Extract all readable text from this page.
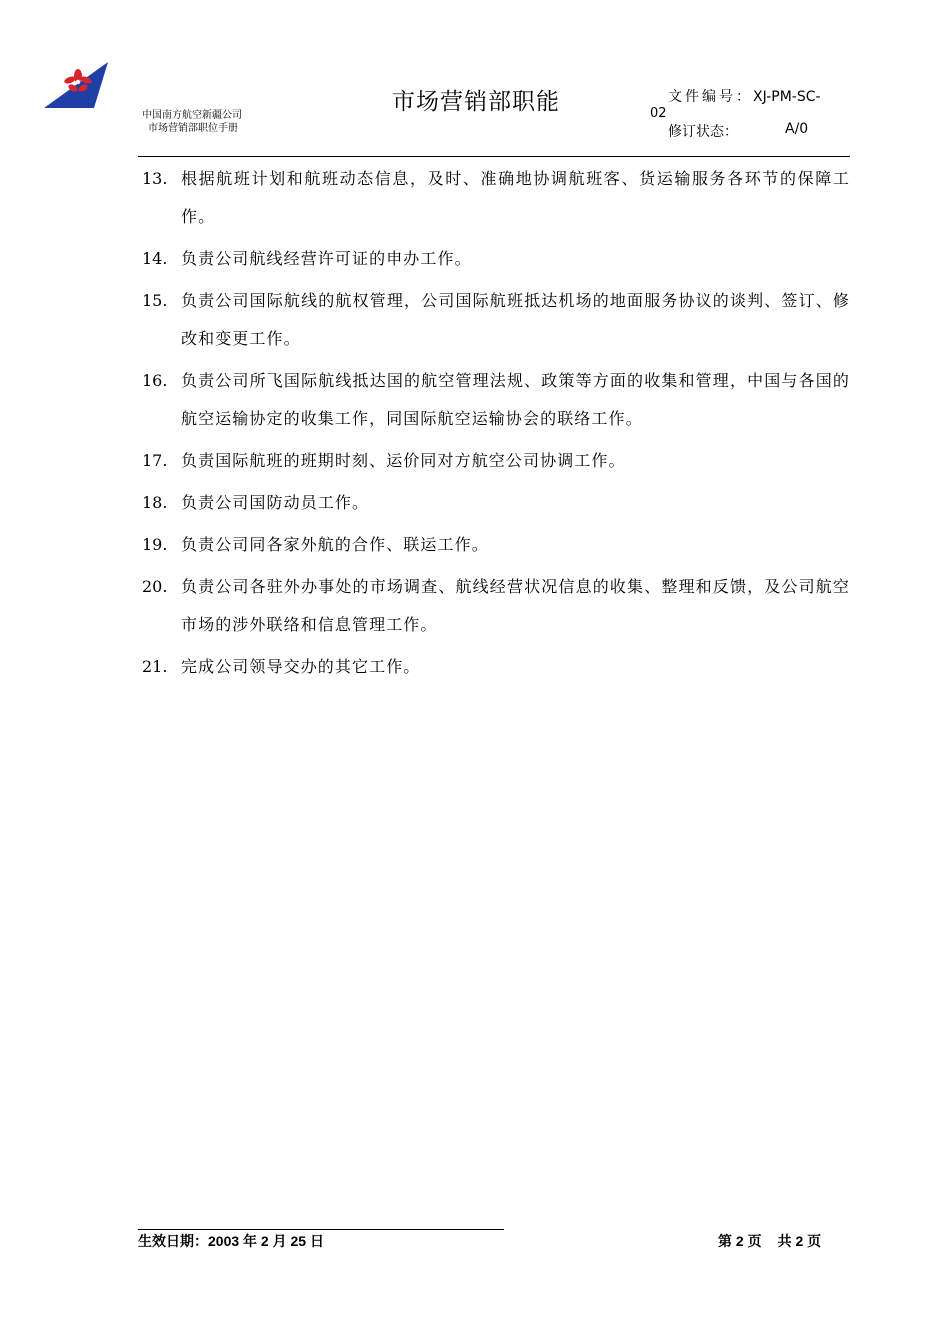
中国南方航空新疆公司
市场营销部职位手册
市场营销部职能	文件编号：XJ-PM-SC-
02
修订状态：	A/0
13. 根据航班计划和航班动态信息，及时、准确地协调航班客、货运输服务各环节的保障工作。
14. 负责公司航线经营许可证的申办工作。
15. 负责公司国际航线的航权管理，公司国际航班抵达机场的地面服务协议的谈判、签订、修改和变更工作。
16. 负责公司所飞国际航线抵达国的航空管理法规、政策等方面的收集和管理，中国与各国的航空运输协定的收集工作，同国际航空运输协会的联络工作。
17. 负责国际航班的班期时刻、运价同对方航空公司协调工作。
18. 负责公司国防动员工作。
19. 负责公司同各家外航的合作、联运工作。
20. 负责公司各驻外办事处的市场调查、航线经营状况信息的收集、整理和反馈，及公司航空市场的涉外联络和信息管理工作。
21. 完成公司领导交办的其它工作。
生效日期：2003 年 2 月 25 日	第 2 页 共 2 页
